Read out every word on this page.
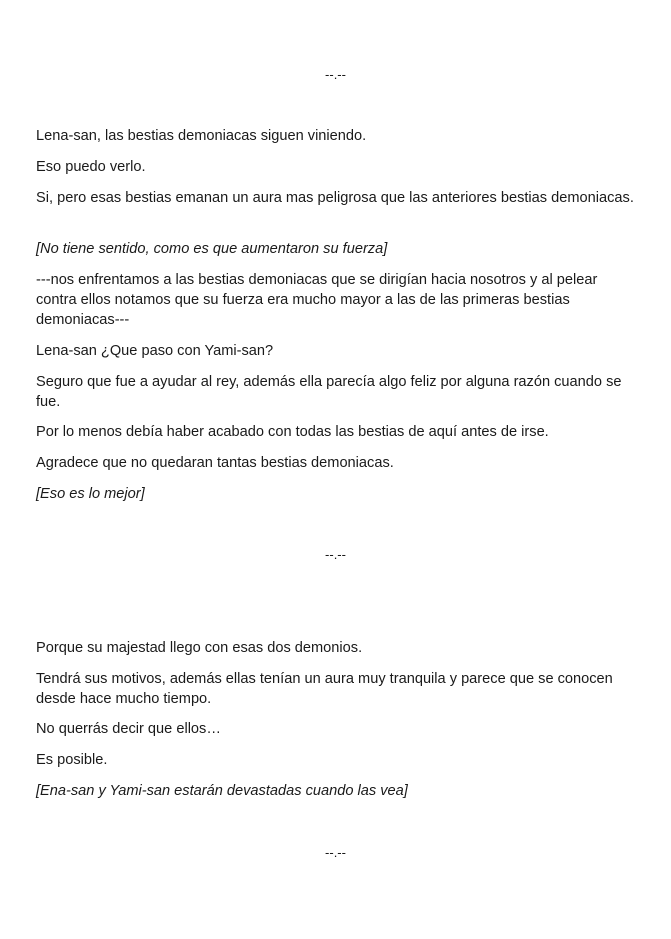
--.--

Lena-san, las bestias demoniacas siguen viniendo.

Eso puedo verlo.

Si, pero esas bestias emanan un aura mas peligrosa que las anteriores bestias demoniacas.

[No tiene sentido, como es que aumentaron su fuerza]

---nos enfrentamos a las bestias demoniacas que se dirigían hacia nosotros y al pelear contra ellos notamos que su fuerza era mucho mayor a las de las primeras bestias demoniacas---

Lena-san ¿Que paso con Yami-san?

Seguro que fue a ayudar al rey, además ella parecía algo feliz por alguna razón cuando se fue.

Por lo menos debía haber acabado con todas las bestias de aquí antes de irse.

Agradece que no quedaran tantas bestias demoniacas.

[Eso es lo mejor]

--.--

Porque su majestad llego con esas dos demonios.

Tendrá sus motivos, además ellas tenían un aura muy tranquila y parece que se conocen desde hace mucho tiempo.

No querrás decir que ellos…

Es posible.

[Ena-san y Yami-san estarán devastadas cuando las vea]

--.--
